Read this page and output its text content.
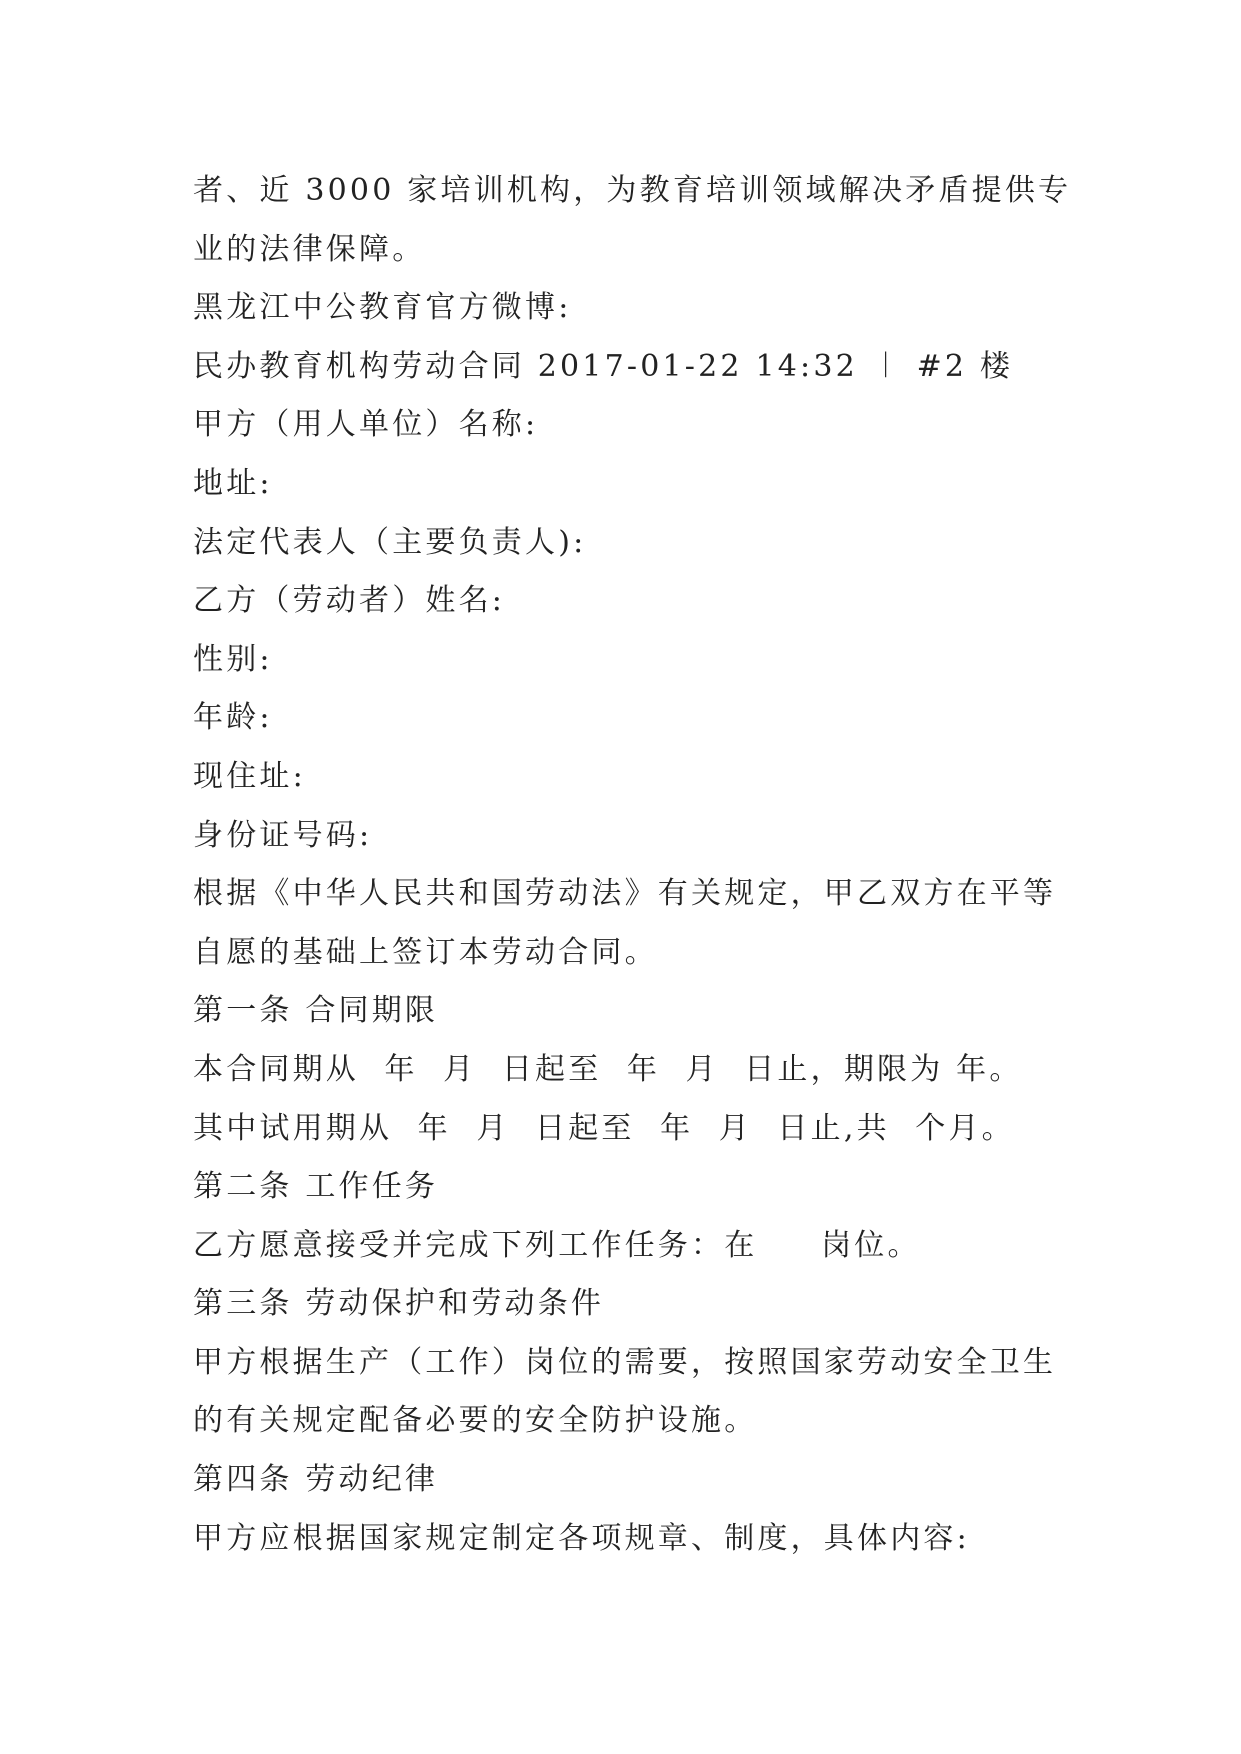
者、近 3000 家培训机构，为教育培训领域解决矛盾提供专
业的法律保障。
黑龙江中公教育官方微博:
民办教育机构劳动合同 2017-01-22 14:32 ︱ #2 楼
甲方（用人单位）名称:
地址:
法定代表人（主要负责人):
乙方（劳动者）姓名:
性别:
年龄:
现住址:
身份证号码:
根据《中华人民共和国劳动法》有关规定，甲乙双方在平等
自愿的基础上签订本劳动合同。
第一条 合同期限
本合同期从  年  月  日起至  年  月  日止，期限为 年。
其中试用期从  年  月  日起至  年  月  日止,共  个月。
第二条 工作任务
乙方愿意接受并完成下列工作任务：在     岗位。
第三条 劳动保护和劳动条件
甲方根据生产（工作）岗位的需要，按照国家劳动安全卫生
的有关规定配备必要的安全防护设施。
第四条 劳动纪律
甲方应根据国家规定制定各项规章、制度，具体内容:
